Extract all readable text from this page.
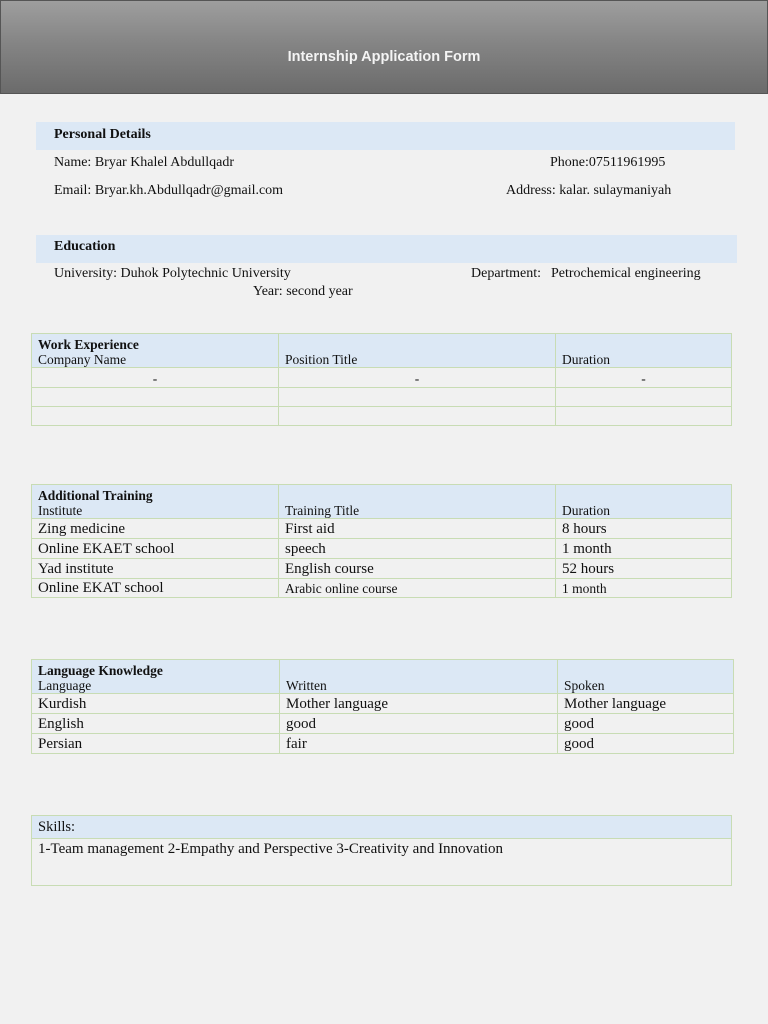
Internship Application Form
Personal Details
Name: Bryar Khalel Abdullqadr	Phone:07511961995
Email: Bryar.kh.Abdullqadr@gmail.com	Address: kalar. sulaymaniyah
Education
University: Duhok Polytechnic University	Department: Petrochemical engineering
Year: second year
Work Experience
Company Name	Position Title	Duration
-	-	-

Additional Training
Institute	Training Title	Duration
Zing medicine	First aid	8 hours
Online EKAET school	speech	1 month
Yad institute	English course	52 hours
Online EKAT school	Arabic online course	1 month
Language Knowledge
Language	Written	Spoken
Kurdish	Mother language	Mother language
English	good	good
Persian	fair	good
Skills:
1-Team management 2-Empathy and Perspective 3-Creativity and Innovation
